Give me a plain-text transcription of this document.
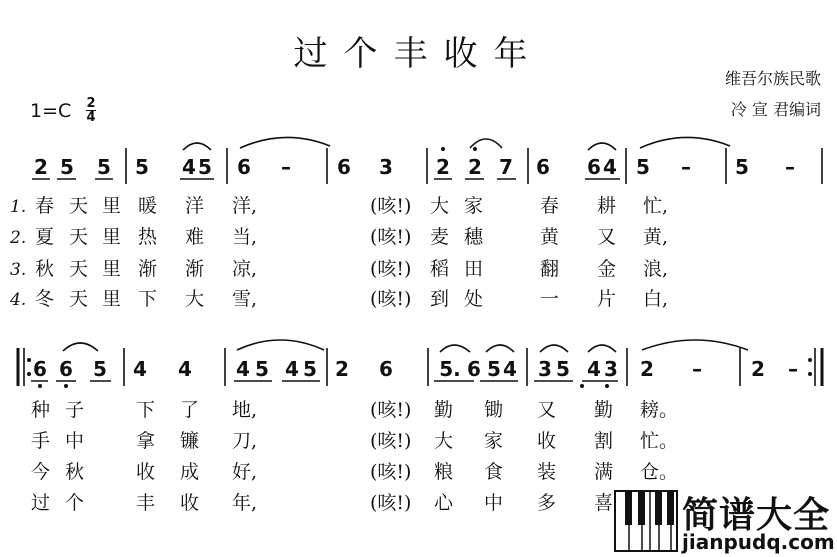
过个丰收年
维吾尔族民歌
冷 宣 君编词
1=C 2
4
2 5 5 5 4 5 6 – 6 3 2 2 7 6 6 4 5 – 5 –
1.
2.
3.
4.
6 6 5 4 4 4 5 4 5 2 6 5. 6 5 4 3 5 4 3 2 – 2 –
简谱大全
jianpudq.com
春 天 里 暖 洋 洋,	(咳!) 大 家	春 耕 忙,
夏 天 里 热 难 当,	(咳!) 麦 穗	黄 又 黄,
秋 天 里 渐 渐 凉,	(咳!) 稻 田	翻 金 浪,
冬 天 里 下 大 雪,	(咳!) 到 处	一 片 白,
种 子	下 了 地,	(咳!) 勤 锄 又 勤 耪。
手 中	拿 镰 刀,	(咳!) 大 家 收 割 忙。
今 秋	收 成 好,	(咳!) 粮 食 装 满 仓。
过 个	丰 收 年,	(咳!) 心 中 多 喜
